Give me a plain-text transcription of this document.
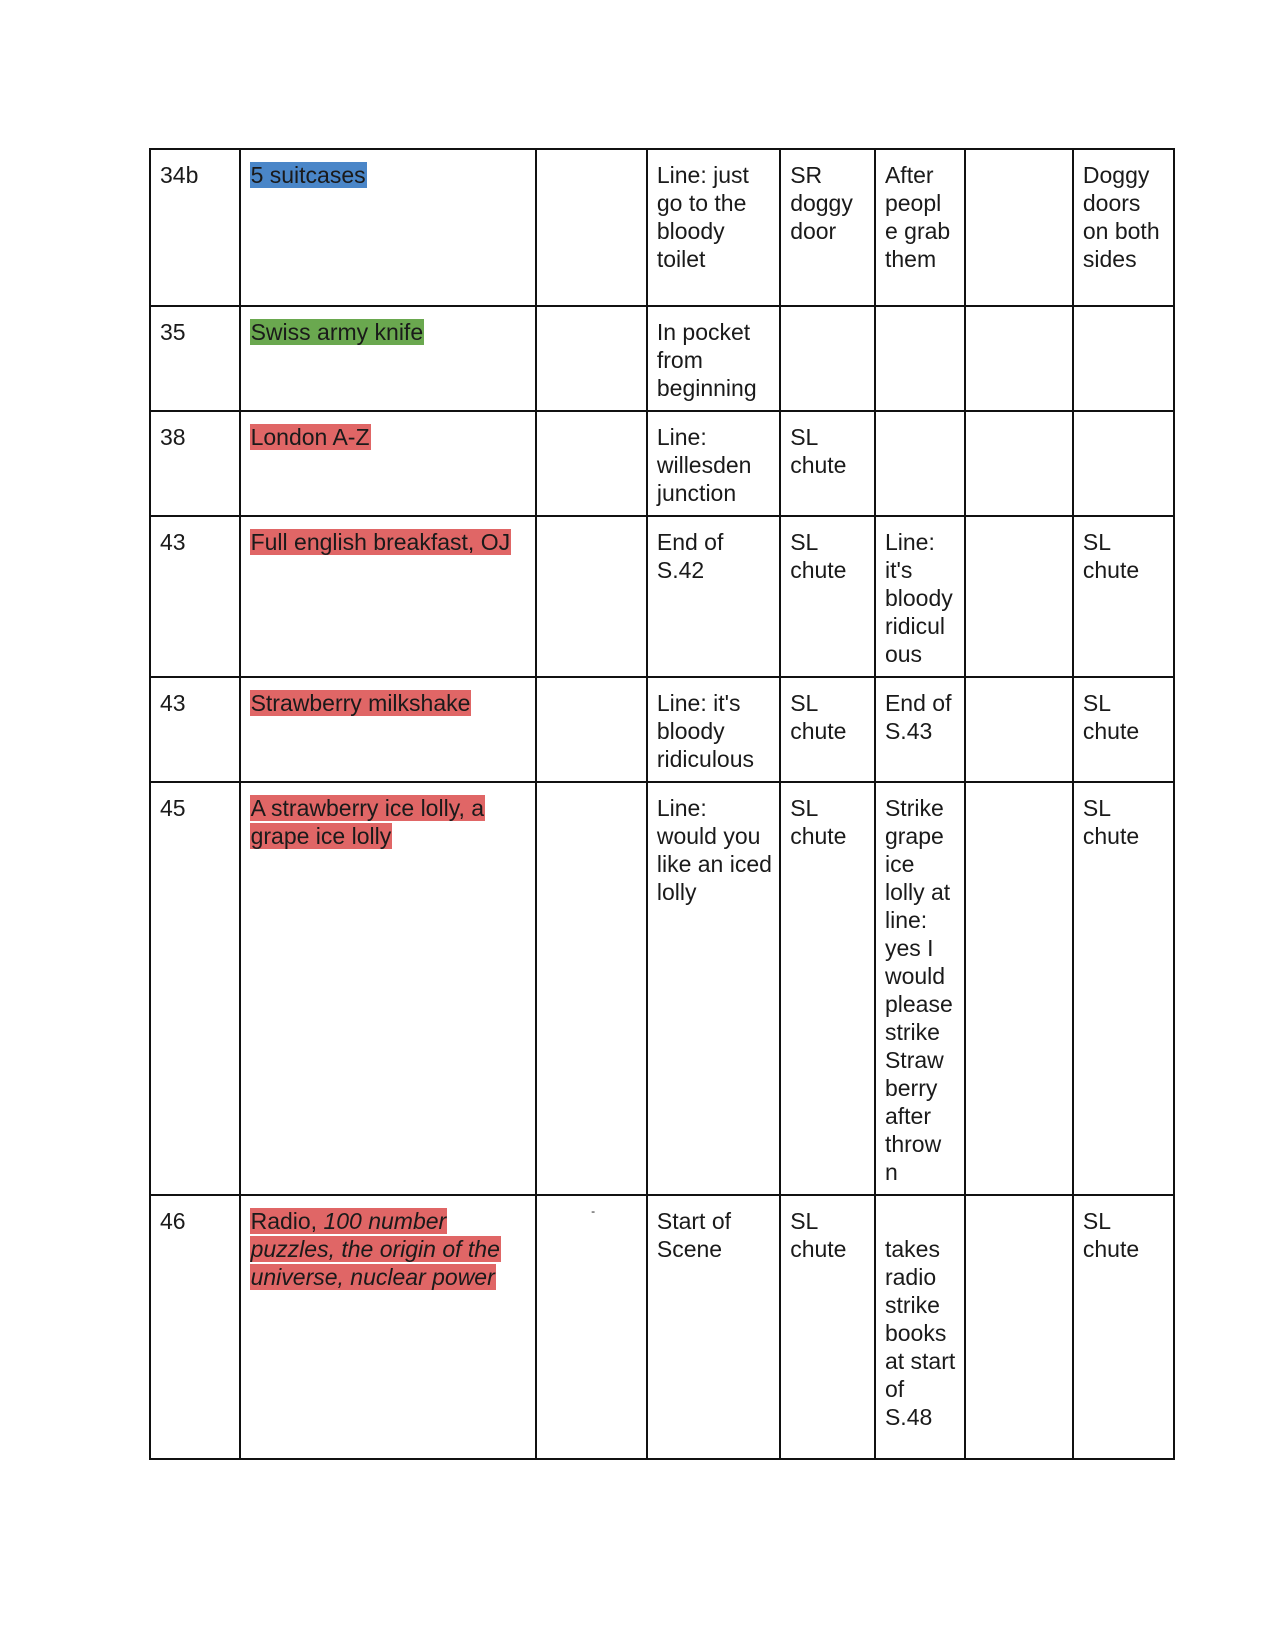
34b	5 suitcases		Line: just go to the bloody toilet	SR doggy door	After peopl e grab them		Doggy doors on both sides
35	Swiss army knife		In pocket from beginning				
38	London A-Z		Line: willesden junction	SL chute			
43	Full english breakfast, OJ		End of S.42	SL chute	Line: it's bloody ridicul ous		SL chute
43	Strawberry milkshake		Line: it's bloody ridiculous	SL chute	End of S.43		SL chute
45	A strawberry ice lolly, a grape ice lolly		Line: would you like an iced lolly	SL chute	Strike grape ice lolly at line: yes I would please strike Straw berry after throw n		SL chute
46	Radio, 100 number puzzles, the origin of the universe, nuclear power	-	Start of Scene	SL chute	takes radio strike books at start of S.48		SL chute
